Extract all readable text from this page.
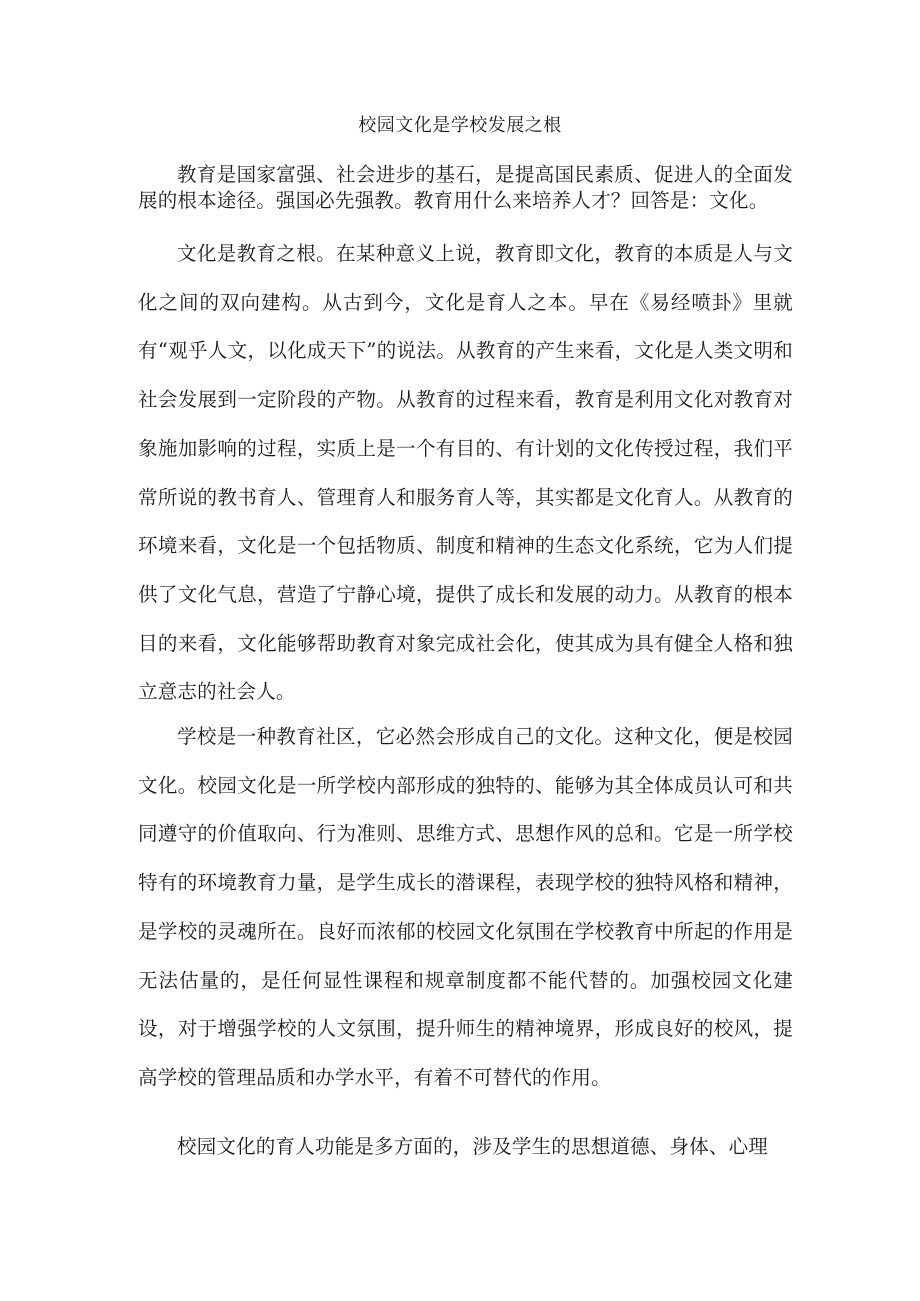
校园文化是学校发展之根

教育是国家富强、社会进步的基石，是提高国民素质、促进人的全面发展的根本途径。强国必先强教。教育用什么来培养人才？回答是：文化。

文化是教育之根。在某种意义上说，教育即文化，教育的本质是人与文化之间的双向建构。从古到今，文化是育人之本。早在《易经喷卦》里就有“观乎人文，以化成天下”的说法。从教育的产生来看，文化是人类文明和社会发展到一定阶段的产物。从教育的过程来看，教育是利用文化对教育对象施加影响的过程，实质上是一个有目的、有计划的文化传授过程，我们平常所说的教书育人、管理育人和服务育人等，其实都是文化育人。从教育的环境来看，文化是一个包括物质、制度和精神的生态文化系统，它为人们提供了文化气息，营造了宁静心境，提供了成长和发展的动力。从教育的根本目的来看，文化能够帮助教育对象完成社会化，使其成为具有健全人格和独立意志的社会人。

学校是一种教育社区，它必然会形成自己的文化。这种文化，便是校园文化。校园文化是一所学校内部形成的独特的、能够为其全体成员认可和共同遵守的价值取向、行为准则、思维方式、思想作风的总和。它是一所学校特有的环境教育力量，是学生成长的潜课程，表现学校的独特风格和精神，是学校的灵魂所在。良好而浓郁的校园文化氛围在学校教育中所起的作用是无法估量的，是任何显性课程和规章制度都不能代替的。加强校园文化建设，对于增强学校的人文氛围，提升师生的精神境界，形成良好的校风，提高学校的管理品质和办学水平，有着不可替代的作用。

校园文化的育人功能是多方面的，涉及学生的思想道德、身体、心理
